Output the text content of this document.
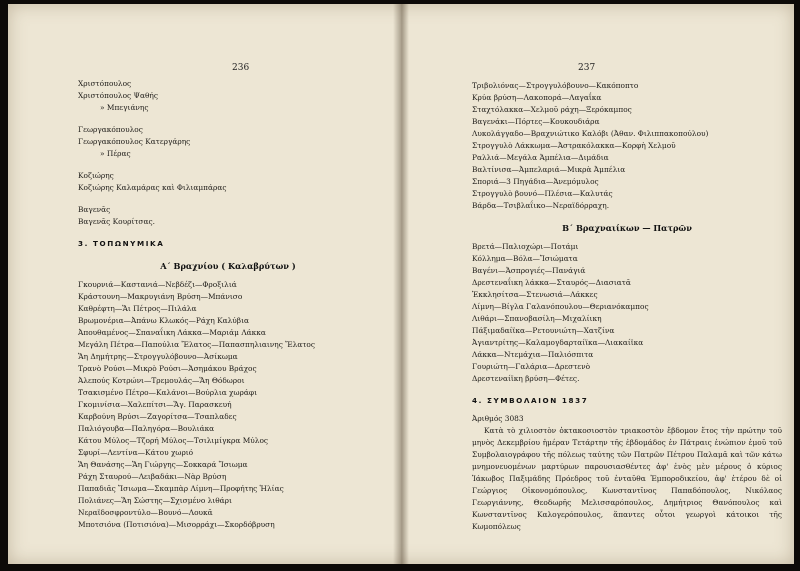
236	237
Χριστόπουλος
Χριστόπουλος Ψαθής
» Μπεγιάνης
Γεωργακόπουλος
Γεωργακόπουλος Κατεργάρης
» Πέρας
Κοζιώρης
Κοζιώρης Καλαμάρας καὶ Φιλιαμπάρας
Βαγενᾶς
Βαγενᾶς Κουρίτσας.
3. ΤΟΠΩΝΥΜΙΚΑ
Α΄ Βραχνίου ( Καλαβρύτων )
Γκουρνιά—Καστανιά—Νεβδέζι—Φροξιλιά
Κράστουνη—Μακρυγιάνη Βρύση—Μπάνισο
Καθρέφτη—Ἅι Πέτρος—Πιλάλα
Βρωμονέρια—Ἀπάνω Κλωκός—Ράχη Καλύβια
Ἀπουθαμένος—Σπαναΐικη Λάκκα—Μαριάμ Λάκκα
Μεγάλη Πέτρα—Παπούλια Ἔλατος—Παπασπηλιαινης Ἔλατος
Ἅη Δημήτρης—Στρογγυλόβουνο—Ἀσίκωμα
Τρανὸ Ρούσι—Μικρὸ Ρούσι—Ἀσημάκου Βράχος
Ἀλεπούς Κοτρώνι—Τρεμουλάς—Ἅη Θόδωροι
Τσακισμένο Πέτρο—Καλάνοι—Βούρλια χωράφι
Γκομινίσια—Χαλεπίτσι—Ἅγ. Παρασκευή
Καρβούνη Βρύσι—Ζαγορίτσα—Τσαπλαδες
Παλιόγουβα—Παληγόρα—Βουλιάκα
Κάτου Μύλος—Τζορή Μύλος—Τσιλιμίγκρα Μύλος
Σφυρί—Λεντίνα—Κάτου χωριό
Ἅη Θανάσης—Ἅη Γιώργης—Σοκκαρά Ἴσιωμα
Ράχη Σταυρού—Λειβαδάκι—Νὰρ Βρύση
Παπαδιᾶς Ἴσιωμα—Σκαμπὰρ Λίμνη—Προφήτης Ἡλίας
Πολιάνες—Ἅη Σώστης—Σχισμένο λιθάρι
Νεραϊδοσφροντύλο—Βουνό—Λουκᾶ
Μποτσιόνα (Ποτισιόνα)—Μισορράχι—Σκορδόβρυση
Τριβολιόνας—Στρογγυλόβουνο—Κακόποπτο
Κρύα βρύση—Λακοπορά—Λαγαΐκα
Σταχτόλακκα—Χελμοῦ ράχη—Ξερόκαμπος
Βαγενάκι—Πόρτες—Κουκουδιάρα
Λυκολάγγαδο—Βραχνιώτικο Καλόβι (Ἀθαν. Φιλιππακοπούλου)
Στρογγυλὸ Λάκκωμα—Ἀστρακόλακκα—Κορφὴ Χελμοῦ
Ραλλιά—Μεγάλα Ἀμπέλια—Διμάδια
Βαλτίνισα—Ἀμπελαριά—Μικρὰ Ἀμπέλια
Σποριά—3 Πηγάδια—Ἀνεμόμυλος
Στρογγυλὸ βουνό—Πλέσια—Καλυτάς
Βάρδα—Τσιβλαΐικο—Νεραϊδόρραχη.
Β΄ Βραχναιίκων — Πατρῶν
Βρετά—Παλιοχώρι—Ποτάμι
Κόλλημα—Βόλα—Ἴσιώματα
Βαγένι—Ἀσπρογιές—Πανάγιά
Δρεστεναΐικη λάκκα—Σταυρός—Διασιατᾶ
Ἐκκλησίτσα—Στενωσιά—Λάκκες
Λίμνη—Βίγλα Γαλανόπουλου—Θεριανόκαμπος
Λιθάρι—Σπανοβασίλη—Μιχαλίικη
Πάξιμαδαίϊκα—Ρετουνιώτη—Χατζίνα
Ἀγιαντρίτης—Καλαμογδαρταίϊκα—Λιακαίϊκα
Λάκκα—Ντεμάχια—Παλιόσπιτα
Γουριώτη—Γαλάρια—Δρεστενὸ
Δρεστεναίϊκη βρύση—Φέτες.
4. ΣΥΜΒΟΛΑΙΟΝ 1837
Ἀριθμός 3083
Κατὰ τὸ χιλιοστὸν ὀκτακοσιοστὸν τριακοστὸν ἔβδομον ἔτος τὴν πρώτην τοῦ μηνὸς Δεκεμβρίου ἡμέραν Τετάρτην τῆς ἑβδομάδος ἐν Πάτραις ἐνώπιον ἐμοῦ τοῦ Συμβολαιογράφου τῆς πόλεως ταύτης τῶν Πατρῶν Πέτρου Παλαμᾶ καὶ τῶν κάτω μνημονευομένων μαρτύρων παρουσιασθέντες ἀφ' ἑνὸς μὲν μέρους ὁ κύριος Ἰάκωβος Παξιμάδης Πρόεδρος τοῦ ἐνταῦθα Ἐμποροδικείου, ἀφ' ἑτέρου δὲ οἱ Γεώργιος Οἰκονομόπουλος, Κωνσταντῖνος Παπαδόπουλος, Νικόλαος Γεωργιάννης, Θεοδωρῆς Μελισσαρόπουλος, Δημήτριος Θανόπουλος καὶ Κωνσταντῖνος Καλογερόπουλος, ἅπαντες οὗτοι γεωργοὶ κάτοικοι τῆς Κωμοπόλεως
